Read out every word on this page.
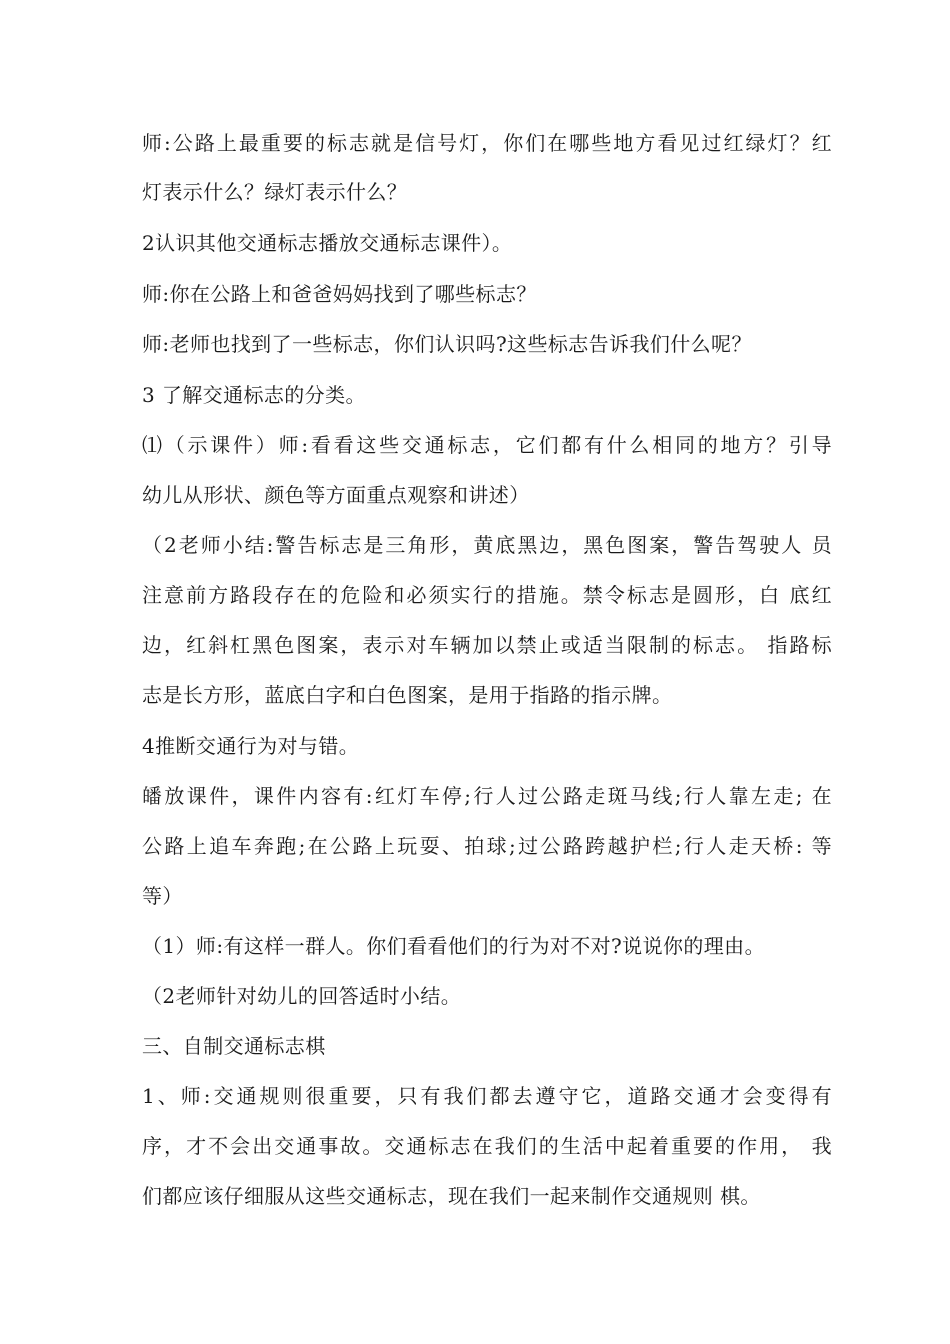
师:公路上最重要的标志就是信号灯，你们在哪些地方看见过红绿灯？红
灯表示什么？绿灯表示什么？
2认识其他交通标志播放交通标志课件）。
师:你在公路上和爸爸妈妈找到了哪些标志？
师:老师也找到了一些标志，你们认识吗?这些标志告诉我们什么呢？
3 了解交通标志的分类。
⑴（示课件）师:看看这些交通标志，它们都有什么相同的地方？引导
幼儿从形状、颜色等方面重点观察和讲述）
（2老师小结:警告标志是三角形，黄底黑边，黑色图案，警告驾驶人 员
注意前方路段存在的危险和必须实行的措施。禁令标志是圆形，白 底红
边，红斜杠黑色图案，表示对车辆加以禁止或适当限制的标志。 指路标
志是长方形，蓝底白字和白色图案，是用于指路的指示牌。
4推断交通行为对与错。
皤放课件，课件内容有:红灯车停;行人过公路走斑马线;行人靠左走; 在
公路上追车奔跑;在公路上玩耍、拍球;过公路跨越护栏;行人走天桥: 等
等）
（1）师:有这样一群人。你们看看他们的行为对不对?说说你的理由。
（2老师针对幼儿的回答适时小结。
三、自制交通标志棋
1、师:交通规则很重要，只有我们都去遵守它，道路交通才会变得有
序，才不会出交通事故。交通标志在我们的生活中起着重要的作用， 我
们都应该仔细服从这些交通标志，现在我们一起来制作交通规则 棋。
